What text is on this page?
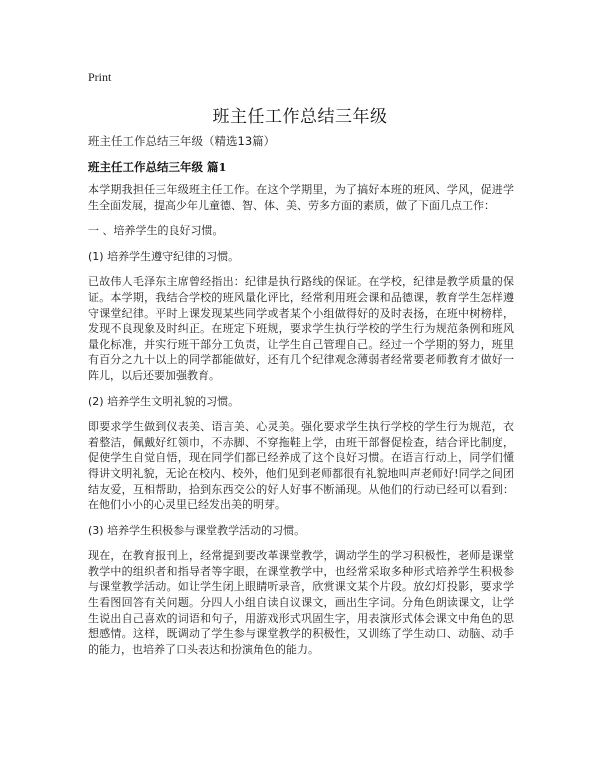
Print
班主任工作总结三年级
班主任工作总结三年级（精选13篇）
班主任工作总结三年级 篇1

本学期我担任三年级班主任工作。在这个学期里，为了搞好本班的班风、学风，促进学生全面发展，提高少年儿童德、智、体、美、劳多方面的素质，做了下面几点工作：

一 、培养学生的良好习惯。

(1) 培养学生遵守纪律的习惯。

已故伟人毛泽东主席曾经指出：纪律是执行路线的保证。在学校，纪律是教学质量的保证。本学期，我结合学校的班风量化评比，经常利用班会课和品德课，教育学生怎样遵守课堂纪律。平时上课发现某些同学或者某个小组做得好的及时表扬，在班中树榜样，发现不良现象及时纠正。在班定下班规，要求学生执行学校的学生行为规范条例和班风量化标准，并实行班干部分工负责，让学生自己管理自己。经过一个学期的努力，班里有百分之九十以上的同学都能做好，还有几个纪律观念薄弱者经常要老师教育才做好一阵儿，以后还要加强教育。

(2) 培养学生文明礼貌的习惯。

即要求学生做到仪表美、语言美、心灵美。强化要求学生执行学校的学生行为规范，衣着整洁，佩戴好红领巾，不赤脚、不穿拖鞋上学，由班干部督促检查，结合评比制度，促使学生自觉自悟，现在同学们都已经养成了这个良好习惯。在语言行动上，同学们懂得讲文明礼貌，无论在校内、校外，他们见到老师都很有礼貌地叫声老师好!同学之间团结友爱，互相帮助，拾到东西交公的好人好事不断涌现。从他们的行动已经可以看到：在他们小小的心灵里已经发出美的明芽。

(3) 培养学生积极参与课堂教学活动的习惯。

现在，在教育报刊上，经常提到要改革课堂教学，调动学生的学习积极性，老师是课堂教学中的组织者和指导者等字眼，在课堂教学中，也经常采取多种形式培养学生积极参与课堂教学活动。如让学生闭上眼睛听录音，欣赏课文某个片段。放幻灯投影，要求学生看图回答有关问题。分四人小组自读自议课文，画出生字词。分角色朗读课文，让学生说出自己喜欢的词语和句子，用游戏形式巩固生字，用表演形式体会课文中角色的思想感情。这样，既调动了学生参与课堂教学的积极性，又训练了学生动口、动脑、动手的能力，也培养了口头表达和扮演角色的能力。
